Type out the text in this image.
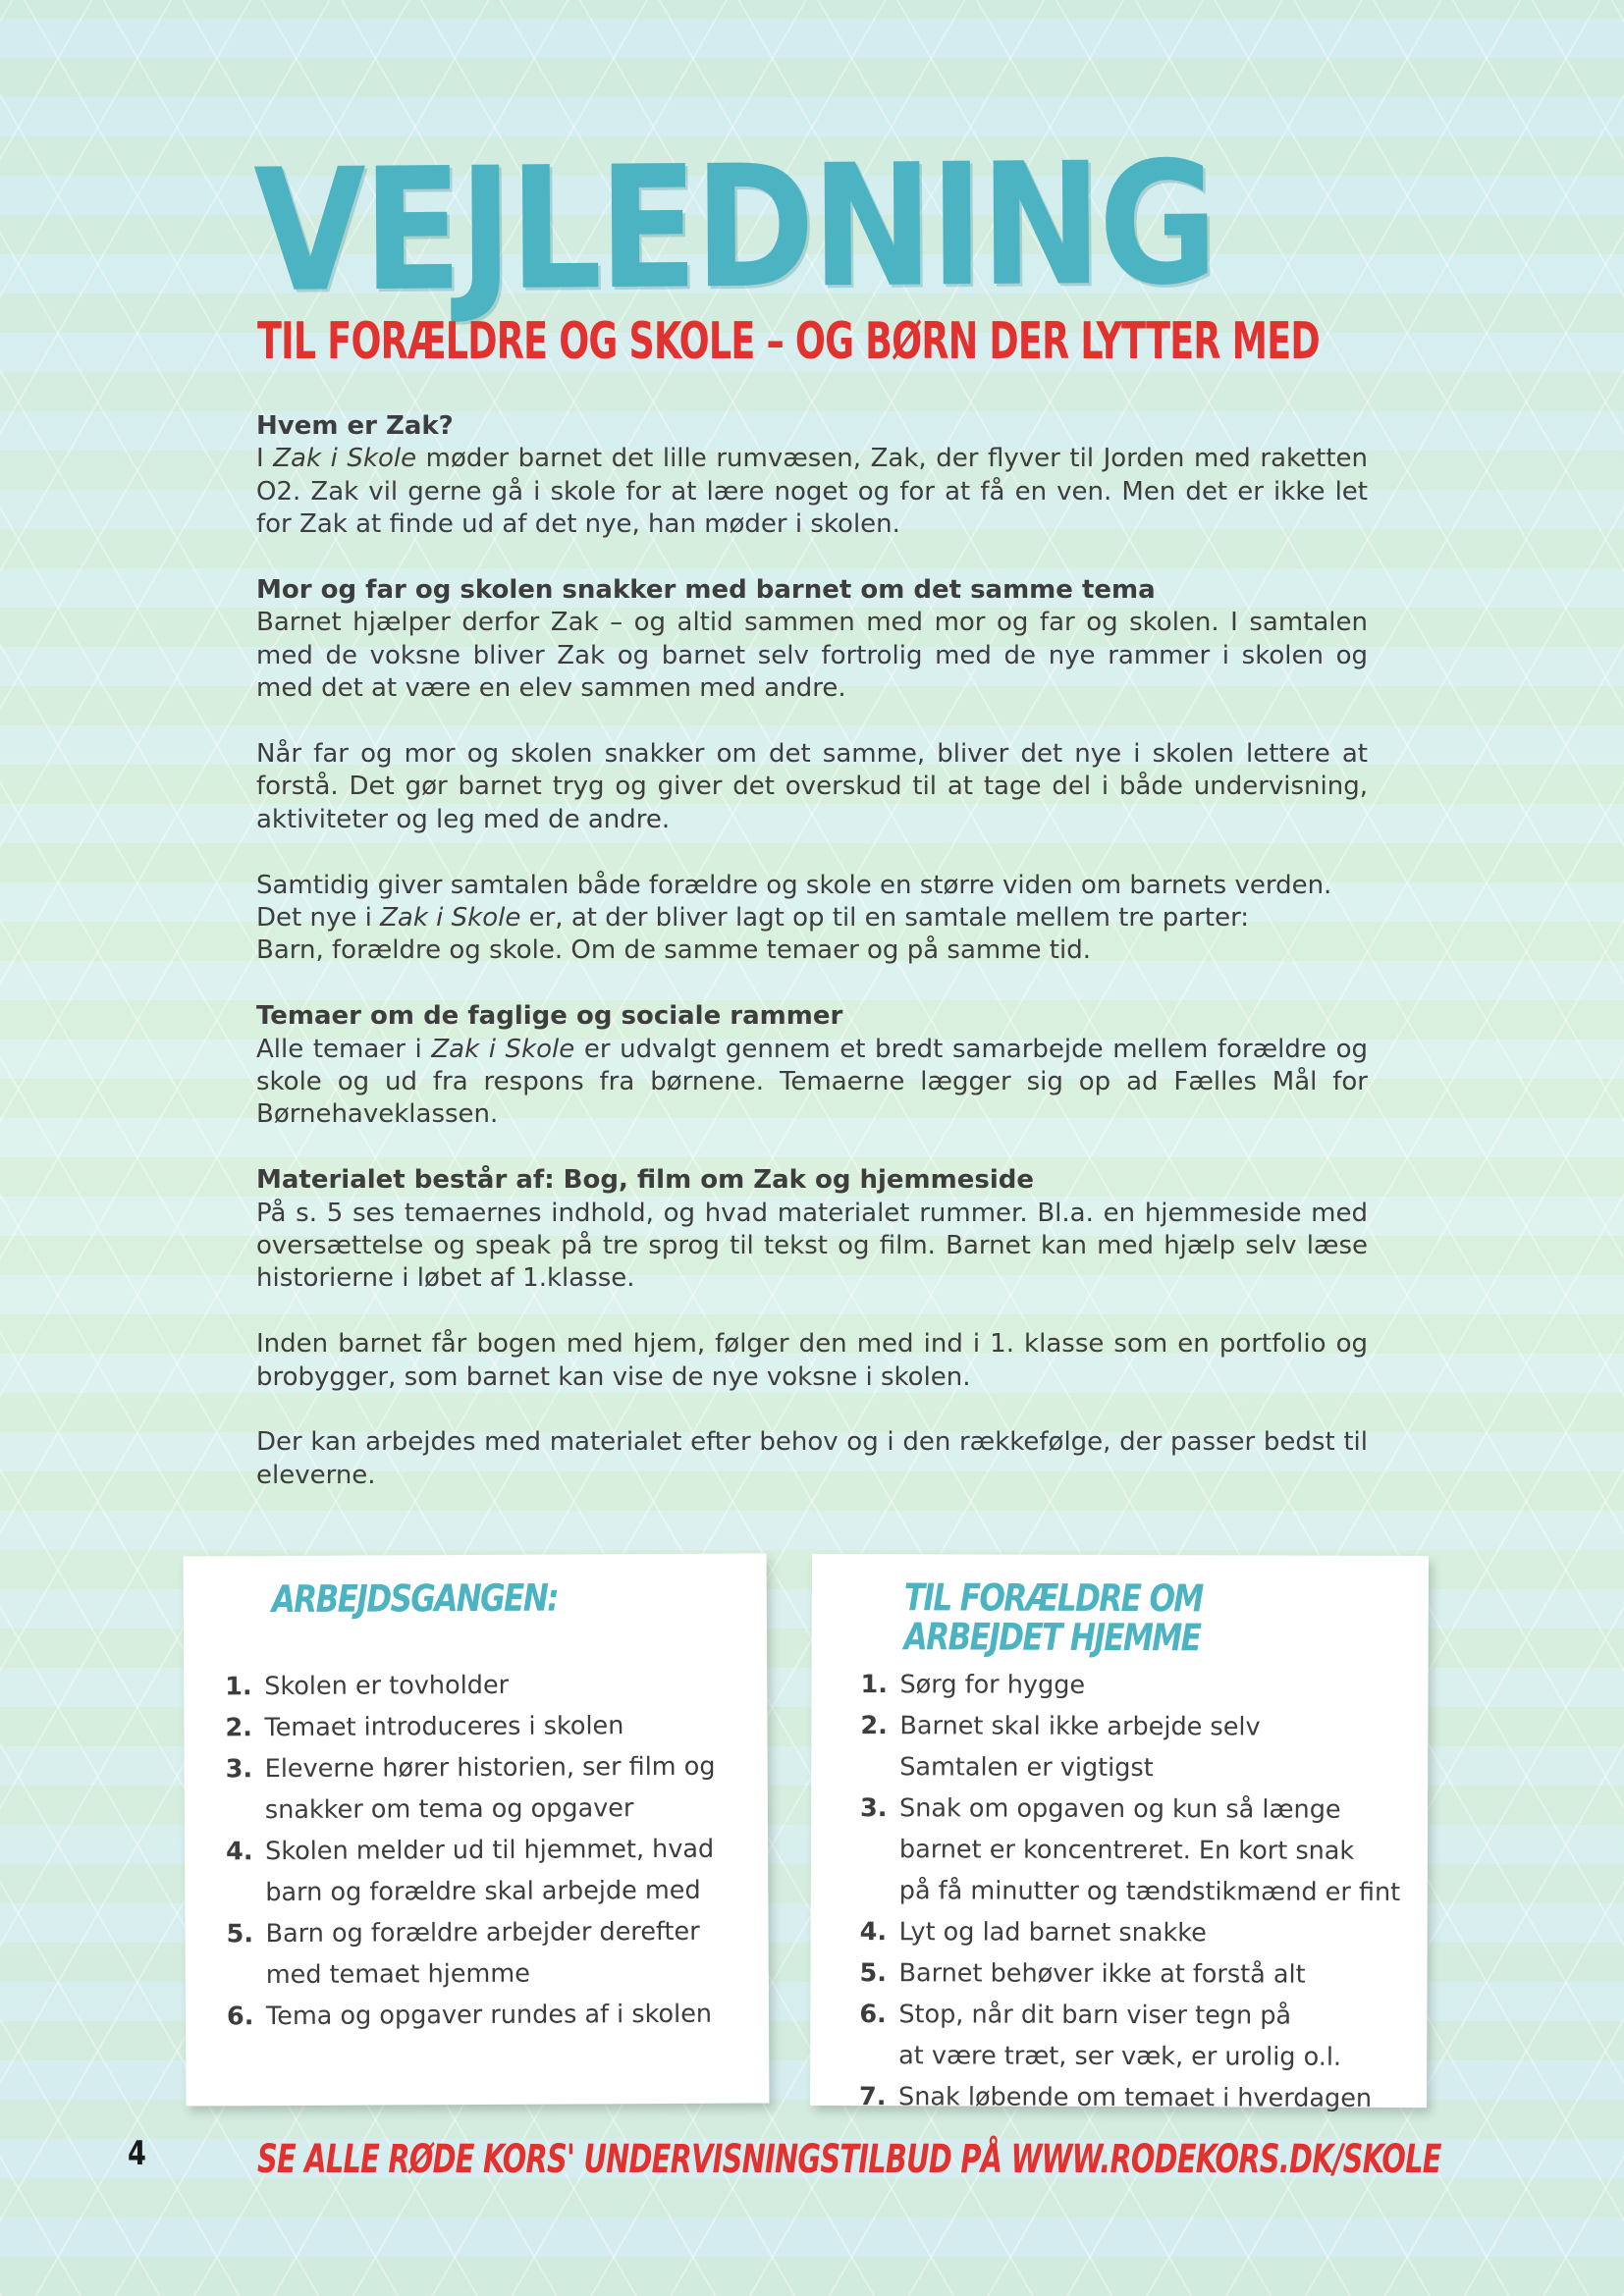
VEJLEDNING
TIL FORÆLDRE OG SKOLE – OG BØRN DER LYTTER MED
Hvem er Zak?

I Zak i Skole møder barnet det lille rumvæsen, Zak, der flyver til Jorden med raketten O2. Zak vil gerne gå i skole for at lære noget og for at få en ven. Men det er ikke let for Zak at finde ud af det nye, han møder i skolen.

Mor og far og skolen snakker med barnet om det samme tema

Barnet hjælper derfor Zak – og altid sammen med mor og far og skolen. I samtalen med de voksne bliver Zak og barnet selv fortrolig med de nye rammer i skolen og med det at være en elev sammen med andre.

Når far og mor og skolen snakker om det samme, bliver det nye i skolen lettere at forstå. Det gør barnet tryg og giver det overskud til at tage del i både undervisning, aktiviteter og leg med de andre.

Samtidig giver samtalen både forældre og skole en større viden om barnets verden.
Det nye i Zak i Skole er, at der bliver lagt op til en samtale mellem tre parter:
Barn, forældre og skole. Om de samme temaer og på samme tid.

Temaer om de faglige og sociale rammer

Alle temaer i Zak i Skole er udvalgt gennem et bredt samarbejde mellem forældre og skole og ud fra respons fra børnene. Temaerne lægger sig op ad Fælles Mål for Børnehaveklassen.

Materialet består af: Bog, film om Zak og hjemmeside

På s. 5 ses temaernes indhold, og hvad materialet rummer. Bl.a. en hjemmeside med oversættelse og speak på tre sprog til tekst og film. Barnet kan med hjælp selv læse historierne i løbet af 1.klasse.

Inden barnet får bogen med hjem, følger den med ind i 1. klasse som en portfolio og brobygger, som barnet kan vise de nye voksne i skolen.

Der kan arbejdes med materialet efter behov og i den rækkefølge, der passer bedst til eleverne.

ARBEJDSGANGEN:
1. Skolen er tovholder
2. Temaet introduceres i skolen
3. Eleverne hører historien, ser film og
snakker om tema og opgaver
4. Skolen melder ud til hjemmet, hvad
barn og forældre skal arbejde med
5. Barn og forældre arbejder derefter
med temaet hjemme
6. Tema og opgaver rundes af i skolen
TIL FORÆLDRE OM
ARBEJDET HJEMME
1. Sørg for hygge
2. Barnet skal ikke arbejde selv
Samtalen er vigtigst
3. Snak om opgaven og kun så længe
barnet er koncentreret. En kort snak
på få minutter og tændstikmænd er fint
4. Lyt og lad barnet snakke
5. Barnet behøver ikke at forstå alt
6. Stop, når dit barn viser tegn på
at være træt, ser væk, er urolig o.l.
7. Snak løbende om temaet i hverdagen
4	SE ALLE RØDE KORS' UNDERVISNINGSTILBUD PÅ WWW.RODEKORS.DK/SKOLE
